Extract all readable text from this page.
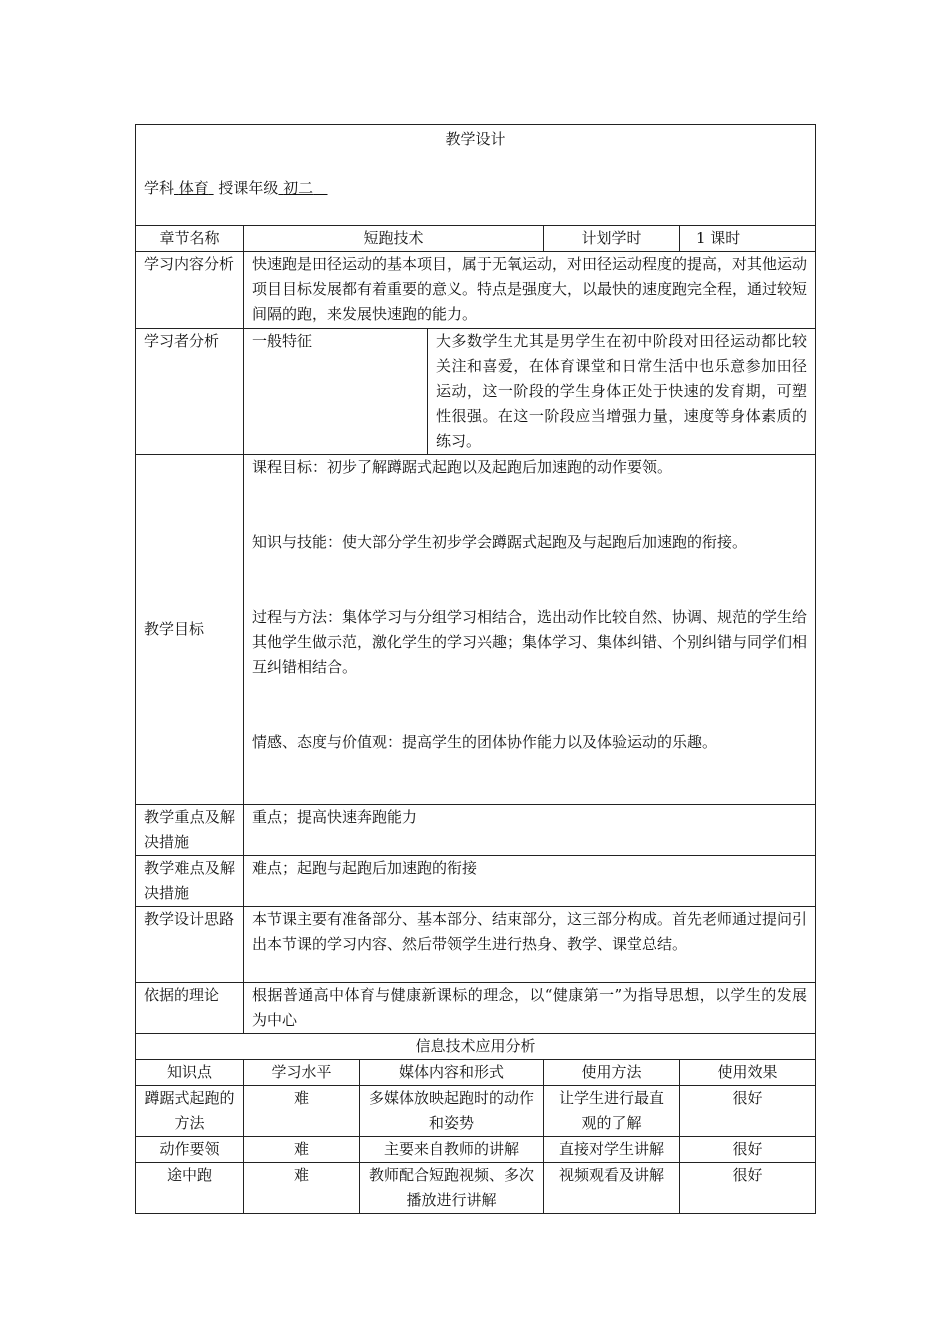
教学设计
学科 体育 授课年级 初二					

章节名称	短跑技术			计划学时	1 课时
学习内容分析	快速跑是田径运动的基本项目，属于无氧运动，对田径运动程度的提高，对其他运动项目目标发展都有着重要的意义。特点是强度大，以最快的速度跑完全程，通过较短间隔的跑，来发展快速跑的能力。				
学习者分析	一般特征		大多数学生尤其是男学生在初中阶段对田径运动都比较关注和喜爱，在体育课堂和日常生活中也乐意参加田径运动，这一阶段的学生身体正处于快速的发育期，可塑性很强。在这一阶段应当增强力量，速度等身体素质的练习。		
教学目标	课程目标：初步了解蹲踞式起跑以及起跑后加速跑的动作要领。
知识与技能：使大部分学生初步学会蹲踞式起跑及与起跑后加速跑的衔接。
过程与方法：集体学习与分组学习相结合，选出动作比较自然、协调、规范的学生给其他学生做示范，激化学生的学习兴趣；集体学习、集体纠错、个别纠错与同学们相互纠错相结合。
情感、态度与价值观：提高学生的团体协作能力以及体验运动的乐趣。				

教学重点及解决措施	重点；提高快速奔跑能力				
教学难点及解决措施	难点；起跑与起跑后加速跑的衔接				
教学设计思路	本节课主要有准备部分、基本部分、结束部分，这三部分构成。首先老师通过提问引出本节课的学习内容、然后带领学生进行热身、教学、课堂总结。				
依据的理论	根据普通高中体育与健康新课标的理念，以“健康第一”为指导思想，以学生的发展为中心				
信息技术应用分析					
知识点	学习水平	媒体内容和形式		使用方法	使用效果
蹲踞式起跑的方法	难	多媒体放映起跑时的动作和姿势		让学生进行最直观的了解	很好
动作要领	难	主要来自教师的讲解		直接对学生讲解	很好
途中跑	难	教师配合短跑视频、多次播放进行讲解		视频观看及讲解	很好
